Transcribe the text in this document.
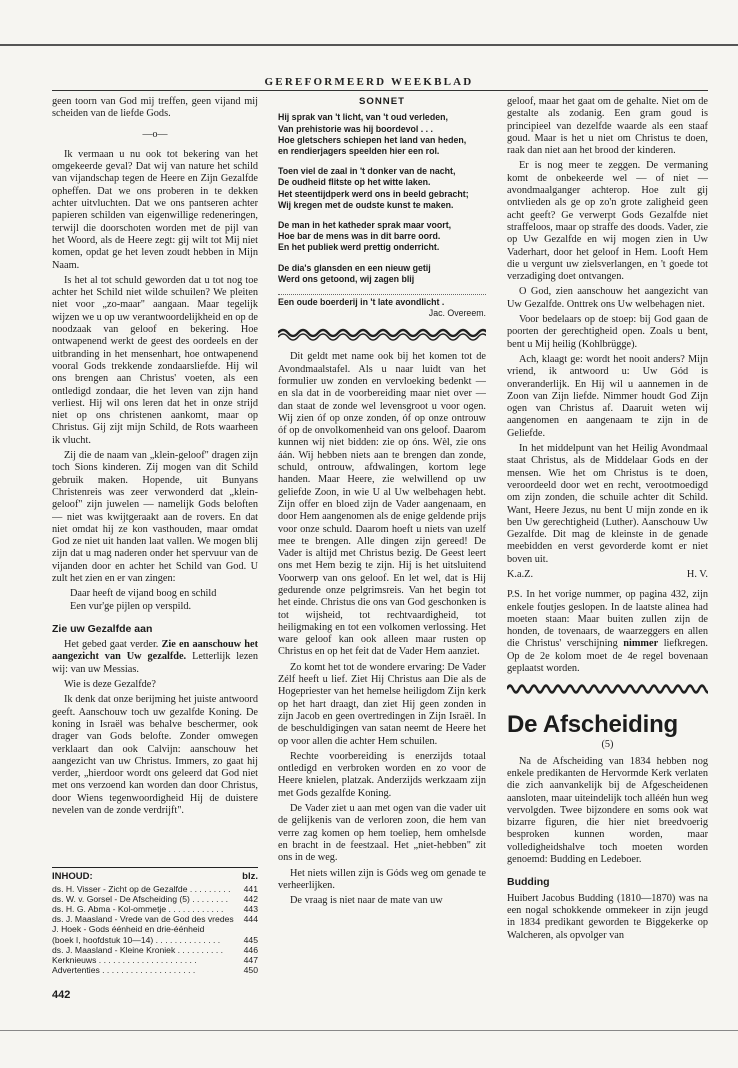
GEREFORMEERD WEEKBLAD

geen toorn van God mij treffen, geen vijand mij scheiden van de liefde Gods.

—o—

Ik vermaan u nu ook tot bekering van het omgekeerde geval? Dat wij van nature het schild van vijandschap tegen de Heere en Zijn Gezalfde opheffen. Dat we ons proberen in te dekken achter uitvluchten. Dat we ons pantseren achter papieren schilden van eigenwillige redeneringen, terwijl die doorschoten worden met de pijl van het Woord, als de Heere zegt: gij wilt tot Mij niet komen, opdat ge het leven zoudt hebben in Mijn Naam.

Is het al tot schuld geworden dat u tot nog toe achter het Schild niet wilde schuilen? We pleiten niet voor „zo-maar" aangaan. Maar tegelijk wijzen we u op uw verantwoordelijkheid en op de noodzaak van geloof en bekering. Hoe ontwapenend werkt de geest des oordeels en der uitbranding in het mensenhart, hoe ontwapenend vooral Gods trekkende zondaarsliefde. Hij wil ons brengen aan Christus' voeten, als een ontledigd zondaar, die het leven van zijn hand verliest. Hij wil ons leren dat het in onze strijd niet op ons christenen aankomt, maar op Christus. Gij zijt mijn Schild, de Rots waarheen ik vlucht.

Zij die de naam van „klein-geloof" dragen zijn toch Sions kinderen. Zij mogen van dit Schild gebruik maken. Hopende, uit Bunyans Christenreis was zeer verwonderd dat „klein-geloof" zijn juwelen — namelijk Gods beloften — niet was kwijtgeraakt aan de rovers. En dat niet omdat hij ze kon vasthouden, maar omdat God ze niet uit handen laat vallen. We mogen blij zijn dat u mag naderen onder het spervuur van de vijanden door en achter het Schild van God. U zult het zien en er van zingen:

Daar heeft de vijand boog en schild
Een vur'ge pijlen op verspild.
Zie uw Gezalfde aan

Het gebed gaat verder. Zie en aanschouw het aangezicht van Uw gezalfde. Letterlijk lezen wij: van uw Messias.

Wie is deze Gezalfde?

Ik denk dat onze berijming het juiste antwoord geeft. Aanschouw toch uw gezalfde Koning. De koning in Israël was behalve beschermer, ook drager van Gods belofte. Zonder omwegen verklaart dan ook Calvijn: aanschouw het aangezicht van uw Christus. Immers, zo gaat hij verder, „hierdoor wordt ons geleerd dat God niet met ons verzoend kan worden dan door Christus, door Wiens tegenwoordigheid Hij de duistere nevelen van de zonde verdrijft".

INHOUD:	blz.
ds. H. Visser - Zicht op de Gezalfde . . . . . . . . . 441
ds. W. v. Gorsel - De Afscheiding (5) . . . . . . . . 442
ds. H. G. Abma - Kol-ommetje . . . . . . . . . . . . 443
ds. J. Maasland - Vrede van de God des vredes 444
J. Hoek - Gods éénheid en drie-éénheid
(boek I, hoofdstuk 10—14) . . . . . . . . . . . . . .	445
ds. J. Maasland - Kleine Kroniek . . . . . . . . . . 446
Kerknieuws . . . . . . . . . . . . . . . . . . . . .	447
Advertenties . . . . . . . . . . . . . . . . . . . .	450
442
SONNET
Hij sprak van 't licht, van 't oud verleden,
Van prehistorie was hij boordevol . . .
Hoe gletschers schiepen het land van heden,
en rendierjagers speelden hier een rol.
Toen viel de zaal in 't donker van de nacht,
De oudheid flitste op het witte laken.
Het steentijdperk werd ons in beeld gebracht;
Wij kregen met de oudste kunst te maken.
De man in het katheder sprak maar voort,
Hoe bar de mens was in dit barre oord.
En het publiek werd prettig onderricht.
De dia's glansden en een nieuw getij
Werd ons getoond, wij zagen blij
Een oude boerderij in 't late avondlicht .
Jac. Overeem.

Dit geldt met name ook bij het komen tot de Avondmaalstafel. Als u naar luidt van het formulier uw zonden en vervloeking bedenkt — en sla dat in de voorbereiding maar niet over — dan staat de zonde wel levensgroot u voor ogen. Wij zien óf op onze zonden, óf op onze ontrouw óf op de onvolkomenheid van ons geloof. Daarom kunnen wij niet bidden: zie op óns. Wèl, zie ons áán. Wij hebben niets aan te brengen dan zonde, schuld, ontrouw, afdwalingen, kortom lege handen. Maar Heere, zie welwillend op uw geliefde Zoon, in wie U al Uw welbehagen hebt. Zijn offer en bloed zijn de Vader aangenaam, en door Hem aangenomen als de enige geldende prijs voor onze schuld. Daarom hoeft u niets van uzelf mee te brengen. Alle dingen zijn gereed! De Vader is altijd met Christus bezig. De Geest leert ons met Hem bezig te zijn. Hij is het uitsluitend Voorwerp van ons geloof. En let wel, dat is Hij gedurende onze pelgrimsreis. Van het begin tot het einde. Christus die ons van God geschonken is tot wijsheid, tot rechtvaardigheid, tot heiligmaking en tot een volkomen verlossing. Het ware geloof kan ook alleen maar rusten op Christus en op het feit dat de Vader Hem aanziet.

Zo komt het tot de wondere ervaring: De Vader Zélf heeft u lief. Ziet Hij Christus aan Die als de Hogepriester van het hemelse heiligdom Zijn kerk op het hart draagt, dan ziet Hij geen zonden in zijn Jacob en geen overtredingen in Zijn Israël. In de beschuldigingen van satan neemt de Heere het op voor allen die achter Hem schuilen.

Rechte voorbereiding is enerzijds totaal ontledigd en verbroken worden en zo voor de Heere knielen, platzak. Anderzijds werkzaam zijn met Gods gezalfde Koning.

De Vader ziet u aan met ogen van die vader uit de gelijkenis van de verloren zoon, die hem van verre zag komen op hem toeliep, hem omhelsde en bracht in de feestzaal. Het „niet-hebben" zit ons in de weg.

Het niets willen zijn is Góds weg om genade te verheerlijken.

De vraag is niet naar de mate van uw

geloof, maar het gaat om de gehalte. Niet om de gestalte als zodanig. Een gram goud is principieel van dezelfde waarde als een staaf goud. Maar is het u niet om Christus te doen, raak dan niet aan het brood der kinderen.

Er is nog meer te zeggen. De vermaning komt de onbekeerde wel — of niet — avondmaalganger achterop. Hoe zult gij ontvlieden als ge op zo'n grote zaligheid geen acht geeft? Ge verwerpt Gods Gezalfde niet straffeloos, maar op straffe des doods. Vader, zie op Uw Gezalfde en wij mogen zien in Uw Vaderhart, door het geloof in Hem. Looft Hem die u vergunt uw zielsverlangen, en 't goede tot verzadiging doet ontvangen.

O God, zien aanschouw het aangezicht van Uw Gezalfde. Onttrek ons Uw welbehagen niet.

Voor bedelaars op de stoep: bij God gaan de poorten der gerechtigheid open. Zoals u bent, bent u Mij heilig (Kohlbrügge).

Ach, klaagt ge: wordt het nooit anders? Mijn vriend, ik antwoord u: Uw Gód is onveranderlijk. En Hij wil u aannemen in de Zoon van Zijn liefde. Nimmer houdt God Zijn ogen van Christus af. Daaruit weten wij aangenomen en aangenaam te zijn in de Geliefde.

In het middelpunt van het Heilig Avondmaal staat Christus, als de Middelaar Gods en der mensen. Wie het om Christus is te doen, veroordeeld door wet en recht, verootmoedigd om zijn zonden, die schuile achter dit Schild. Want, Heere Jezus, nu bent U mijn zonde en ik ben Uw gerechtigheid (Luther). Aanschouw Uw Gezalfde. Dit mag de kleinste in de genade meebidden en verst gevorderde komt er niet boven uit.

K.a.Z.	H. V.

P.S. In het vorige nummer, op pagina 432, zijn enkele foutjes geslopen. In de laatste alinea had moeten staan: Maar buiten zullen zijn de honden, de tovenaars, de waarzeggers en allen die Christus' verschijning nimmer liefkregen. Op de 2e kolom moet de 4e regel bovenaan geplaatst worden.

De Afscheiding
(5)

Na de Afscheiding van 1834 hebben nog enkele predikanten de Hervormde Kerk verlaten die zich aanvankelijk bij de Afgescheidenen aansloten, maar uiteindelijk toch alléén hun weg vervolgden. Twee bijzondere en soms ook wat bizarre figuren, die hier niet breedvoerig besproken kunnen worden, maar volledigheidshalve toch moeten worden genoemd: Budding en Ledeboer.

Budding

Huibert Jacobus Budding (1810—1870) was na een nogal schokkende ommekeer in zijn jeugd in 1834 predikant geworden te Biggekerke op Walcheren, als opvolger van
